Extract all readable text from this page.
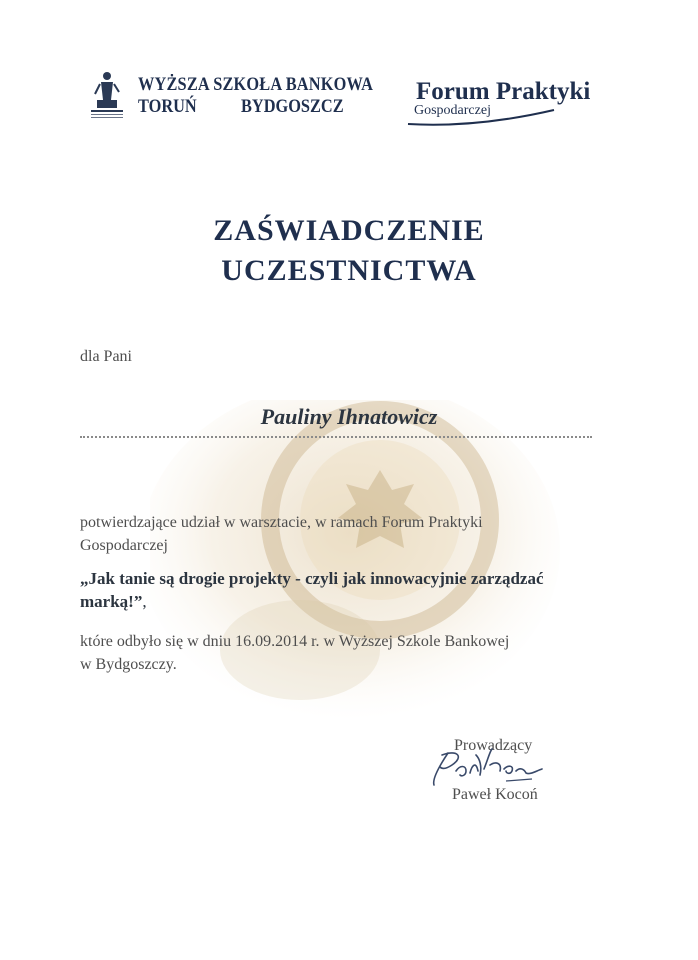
WYŻSZA SZKOŁA BANKOWA
TORUŃ BYDGOSZCZ
Forum Praktyki
Gospodarczej
ZAŚWIADCZENIE
UCZESTNICTWA
dla Pani
Pauliny Ihnatowicz
potwierdzające udział w warsztacie, w ramach Forum Praktyki
Gospodarczej
„Jak tanie są drogie projekty - czyli jak innowacyjnie zarządzać
marką!”,
które odbyło się w dniu 16.09.2014 r. w Wyższej Szkole Bankowej
w Bydgoszczy.
Prowadzący
Paweł Kocoń
